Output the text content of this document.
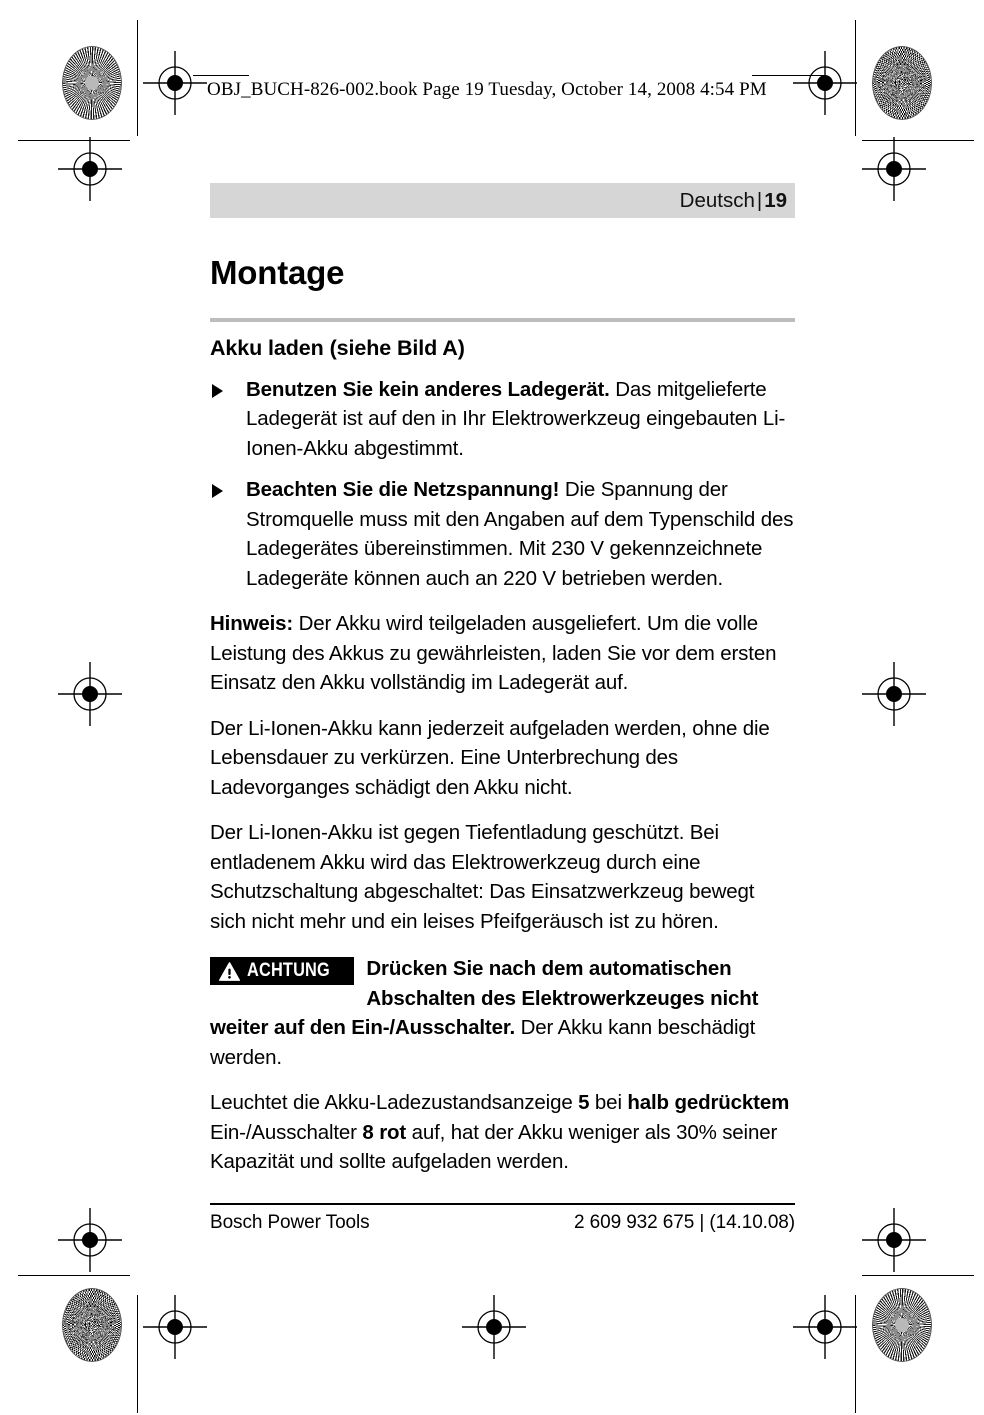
OBJ_BUCH-826-002.book Page 19 Tuesday, October 14, 2008 4:54 PM
Deutsch|19
Montage
Akku laden (siehe Bild A)
Benutzen Sie kein anderes Ladegerät. Das mitgelieferte Ladegerät ist auf den in Ihr Elektrowerkzeug eingebauten Li-Ionen-Akku abgestimmt.
Beachten Sie die Netzspannung! Die Spannung der Stromquelle muss mit den Angaben auf dem Typenschild des Ladegerätes übereinstimmen. Mit 230 V gekennzeichnete Ladegeräte können auch an 220 V betrieben werden.

Hinweis: Der Akku wird teilgeladen ausgeliefert. Um die volle Leistung des Akkus zu gewährleisten, laden Sie vor dem ersten Einsatz den Akku vollständig im Ladegerät auf.

Der Li-Ionen-Akku kann jederzeit aufgeladen werden, ohne die Lebensdauer zu verkürzen. Eine Unterbrechung des Ladevorganges schädigt den Akku nicht.

Der Li-Ionen-Akku ist gegen Tiefentladung geschützt. Bei entladenem Akku wird das Elektrowerkzeug durch eine Schutzschaltung abgeschaltet: Das Einsatzwerkzeug bewegt sich nicht mehr und ein leises Pfeifgeräusch ist zu hören.

ACHTUNG Drücken Sie nach dem automatischen Abschalten des Elektrowerkzeuges nicht weiter auf den Ein-/Ausschalter. Der Akku kann beschädigt werden.

Leuchtet die Akku-Ladezustandsanzeige 5 bei halb gedrücktem Ein-/Ausschalter 8 rot auf, hat der Akku weniger als 30% seiner Kapazität und sollte aufgeladen werden.

Bosch Power Tools	2 609 932 675 | (14.10.08)
